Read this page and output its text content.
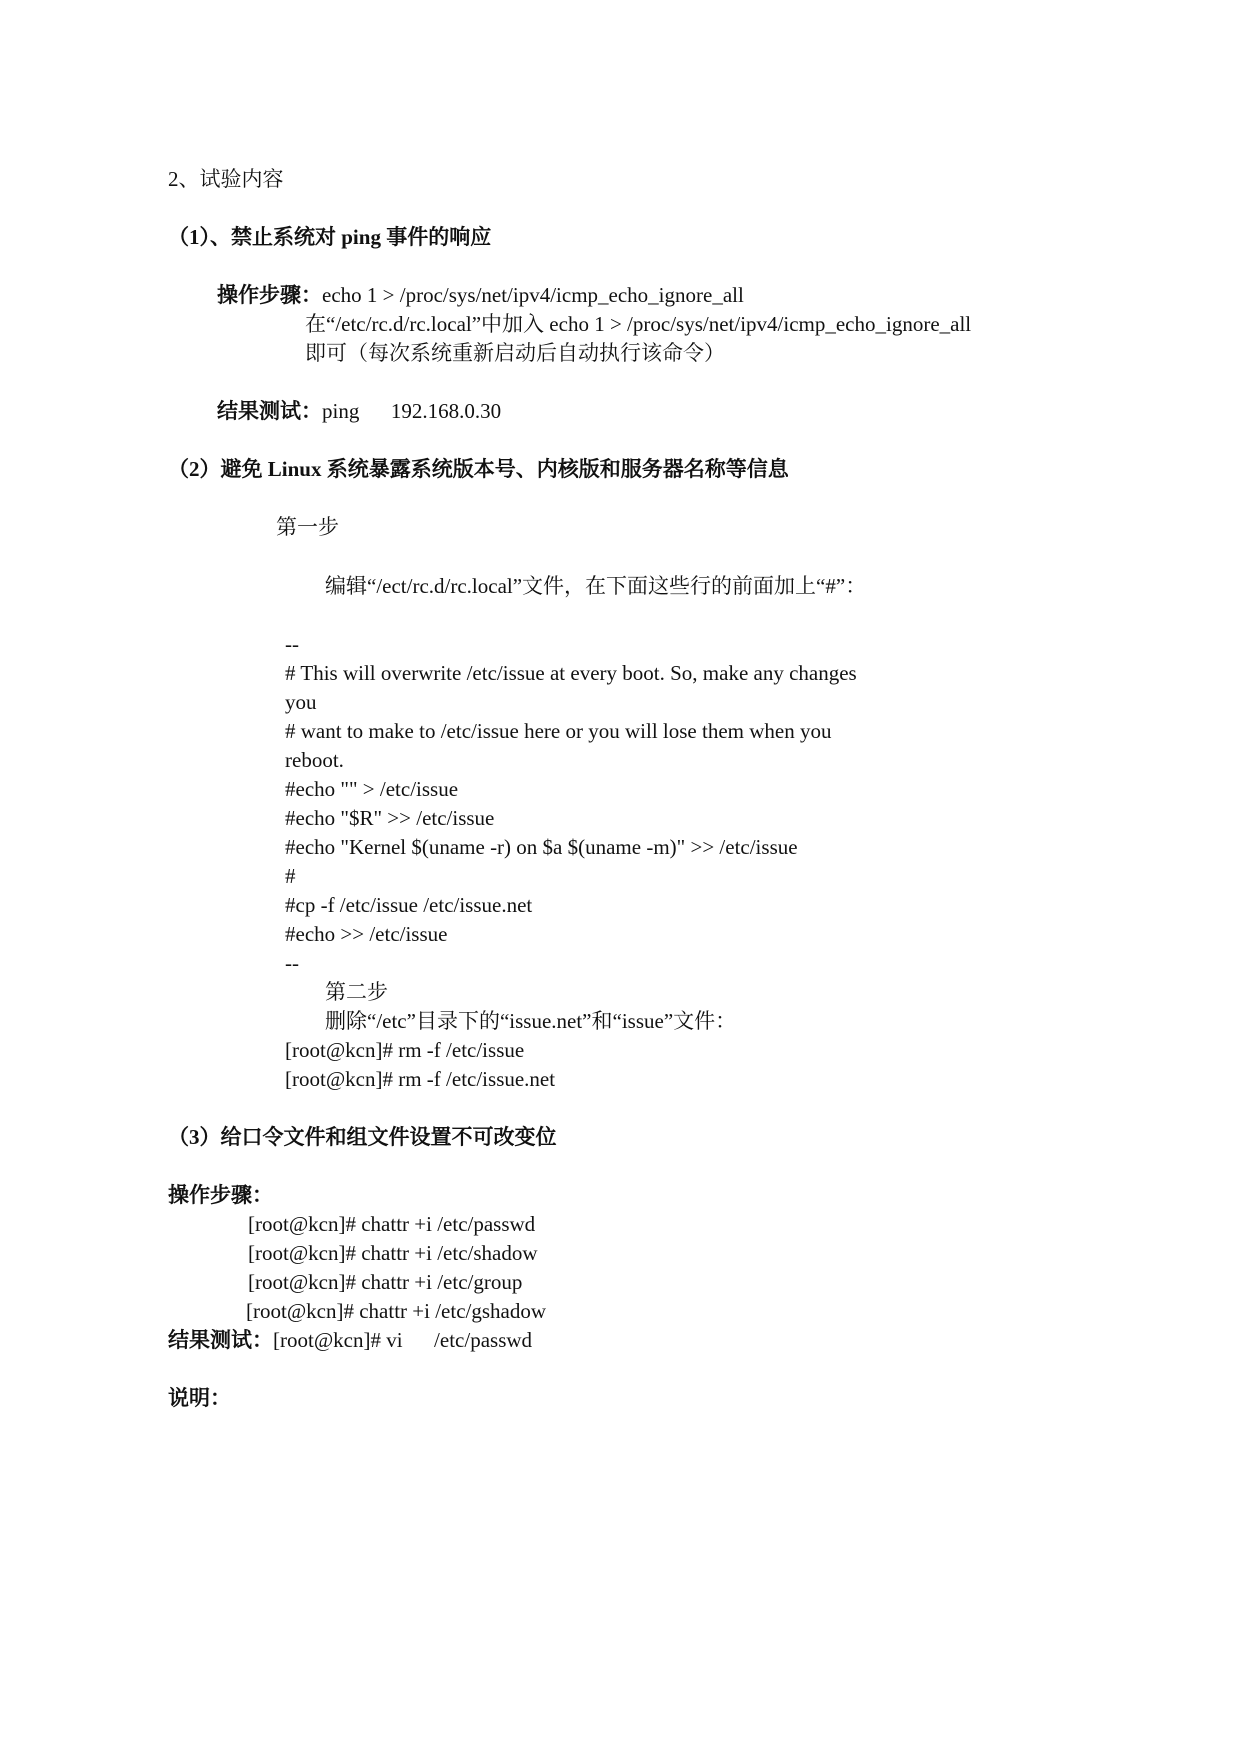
2、试验内容
（1）、禁止系统对 ping 事件的响应
操作步骤：echo 1 > /proc/sys/net/ipv4/icmp_echo_ignore_all
在“/etc/rc.d/rc.local”中加入 echo 1 > /proc/sys/net/ipv4/icmp_echo_ignore_all
即可（每次系统重新启动后自动执行该命令）
结果测试：ping      192.168.0.30
（2）避免 Linux 系统暴露系统版本号、内核版和服务器名称等信息
第一步
编辑“/ect/rc.d/rc.local”文件，在下面这些行的前面加上“#”：
--
# This will overwrite /etc/issue at every boot. So, make any changes
you
# want to make to /etc/issue here or you will lose them when you
reboot.
#echo "" > /etc/issue
#echo "$R" >> /etc/issue
#echo "Kernel $(uname -r) on $a $(uname -m)" >> /etc/issue
#
#cp -f /etc/issue /etc/issue.net
#echo >> /etc/issue
--
第二步
删除“/etc”目录下的“issue.net”和“issue”文件：
[root@kcn]# rm -f /etc/issue
[root@kcn]# rm -f /etc/issue.net
（3）给口令文件和组文件设置不可改变位
操作步骤：
[root@kcn]# chattr +i /etc/passwd
[root@kcn]# chattr +i /etc/shadow
[root@kcn]# chattr +i /etc/group
[root@kcn]# chattr +i /etc/gshadow
结果测试：[root@kcn]# vi      /etc/passwd
说明：
